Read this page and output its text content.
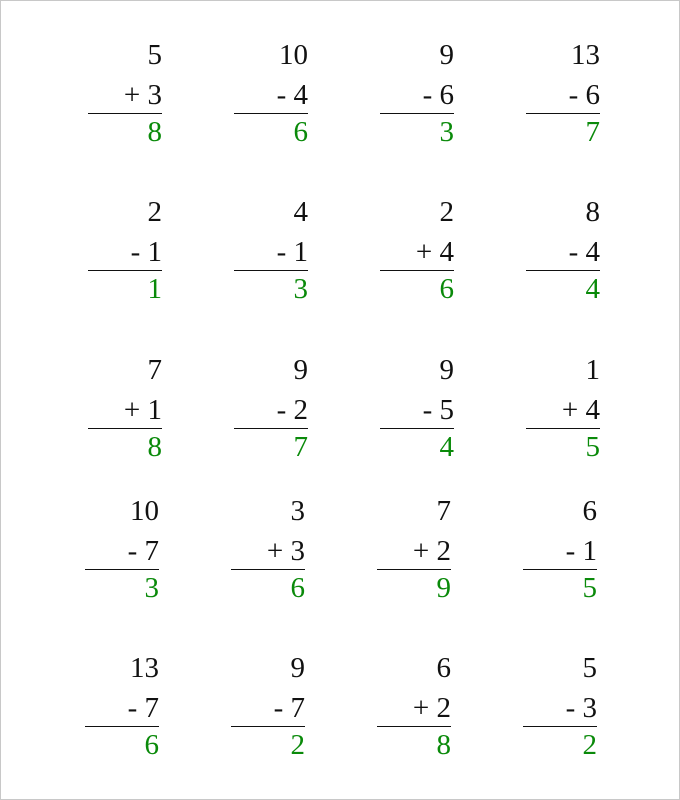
5
+ 3
8
10
- 4
6
9
- 6
3
13
- 6
7
2
- 1
1
4
- 1
3
2
+ 4
6
8
- 4
4
7
+ 1
8
9
- 2
7
9
- 5
4
1
+ 4
5
10
- 7
3
3
+ 3
6
7
+ 2
9
6
- 1
5
13
- 7
6
9
- 7
2
6
+ 2
8
5
- 3
2
